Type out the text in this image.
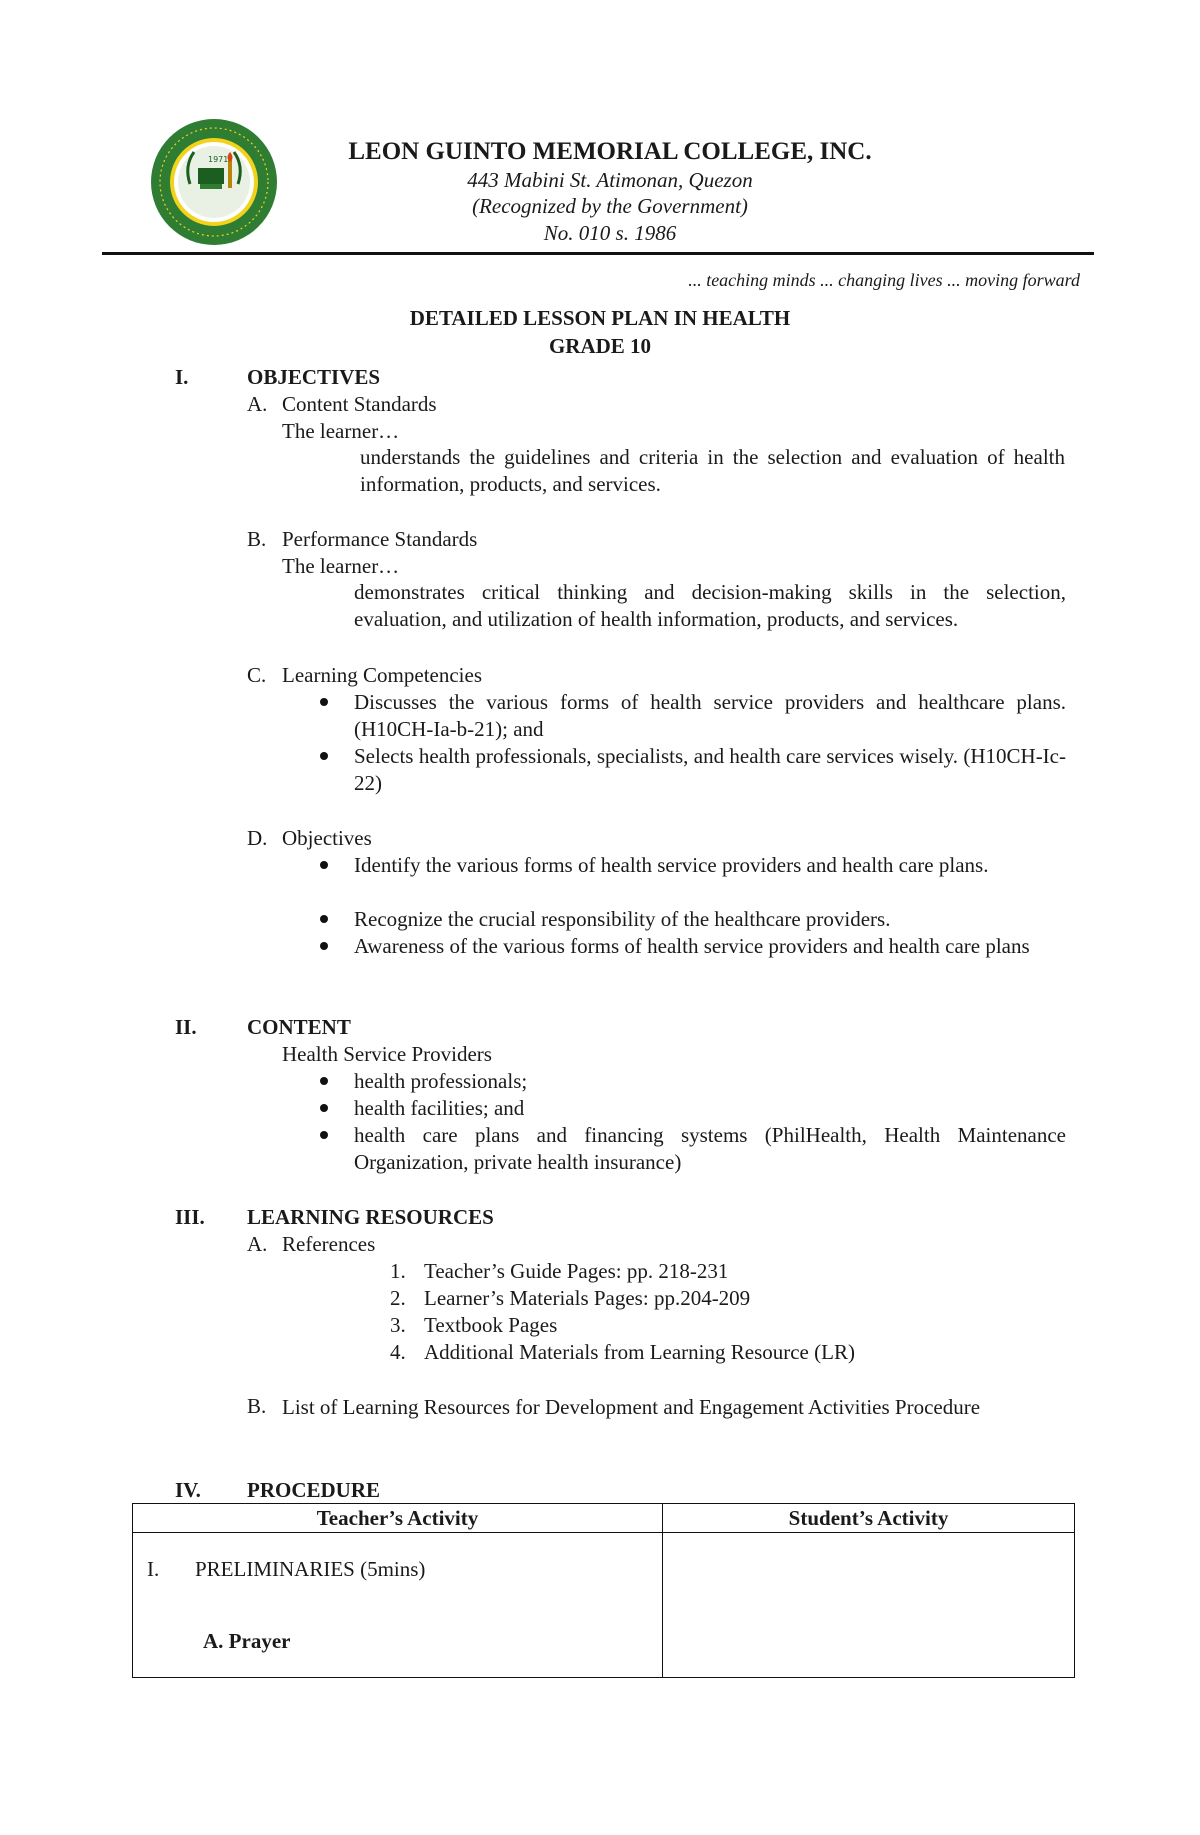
1971	LEON GUINTO MEMORIAL COLLEGE, INC.
443 Mabini St. Atimonan, Quezon
(Recognized by the Government)
No. 010 s. 1986
... teaching minds ... changing lives ... moving forward
DETAILED LESSON PLAN IN HEALTH
GRADE 10
I.	OBJECTIVES
A. Content Standards
The learner…
understands the guidelines and criteria in the selection and evaluation of health information, products, and services.
B. Performance Standards
The learner…
demonstrates critical thinking and decision-making skills in the selection, evaluation, and utilization of health information, products, and services.
C. Learning Competencies
Discusses the various forms of health service providers and healthcare plans. (H10CH-Ia-b-21); and
Selects health professionals, specialists, and health care services wisely. (H10CH-Ic-22)
D. Objectives
Identify the various forms of health service providers and health care plans.
Recognize the crucial responsibility of the healthcare providers.
Awareness of the various forms of health service providers and health care plans
II. CONTENT
Health Service Providers
health professionals;
health facilities; and
health care plans and financing systems (PhilHealth, Health Maintenance Organization, private health insurance)
III. LEARNING RESOURCES
A. References
1. Teacher’s Guide Pages: pp. 218-231
2. Learner’s Materials Pages: pp.204-209
3. Textbook Pages
4. Additional Materials from Learning Resource (LR)
B. List of Learning Resources for Development and Engagement Activities Procedure
IV. PROCEDURE
Teacher’s Activity	Student’s Activity

I. PRELIMINARIES (5mins)
A. Prayer	
